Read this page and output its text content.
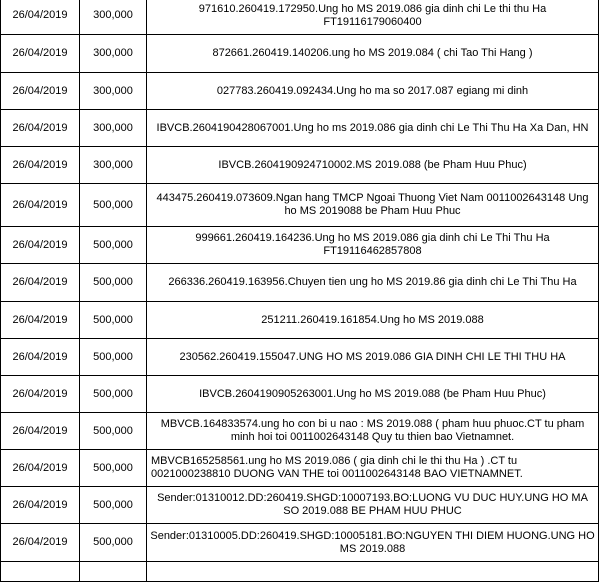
26/04/2019	300,000	971610.260419.172950.Ung ho MS 2019.086 gia dinh chi Le thi thu Ha FT19116179060400
26/04/2019	300,000	872661.260419.140206.ung ho MS 2019.084 ( chi Tao Thi Hang )
26/04/2019	300,000	027783.260419.092434.Ung ho ma so 2017.087 egiang mi dinh
26/04/2019	300,000	IBVCB.2604190428067001.Ung ho ms 2019.086 gia dinh chi Le Thi Thu Ha Xa Dan, HN
26/04/2019	300,000	IBVCB.2604190924710002.MS 2019.088 (be Pham Huu Phuc)
26/04/2019	500,000	443475.260419.073609.Ngan hang TMCP Ngoai Thuong Viet Nam 0011002643148 Ung ho MS 2019088 be Pham Huu Phuc
26/04/2019	500,000	999661.260419.164236.Ung ho MS 2019.086 gia dinh chi Le Thi Thu Ha FT19116462857808
26/04/2019	500,000	266336.260419.163956.Chuyen tien ung ho MS 2019.86 gia dinh chi Le Thi Thu Ha
26/04/2019	500,000	251211.260419.161854.Ung ho MS 2019.088
26/04/2019	500,000	230562.260419.155047.UNG HO MS 2019.086 GIA DINH CHI LE THI THU HA
26/04/2019	500,000	IBVCB.2604190905263001.Ung ho MS 2019.088 (be Pham Huu Phuc)
26/04/2019	500,000	MBVCB.164833574.ung ho con bi u nao : MS 2019.088 ( pham huu phuoc.CT tu pham minh hoi toi 0011002643148 Quy tu thien bao Vietnamnet.
26/04/2019	500,000	MBVCB165258561.ung ho MS 2019.086 ( gia dinh chi le thi thu Ha ) .CT tu 0021000238810 DUONG VAN THE toi 0011002643148 BAO VIETNAMNET.
26/04/2019	500,000	Sender:01310012.DD:260419.SHGD:10007193.BO:LUONG VU DUC HUY.UNG HO MA SO 2019.088 BE PHAM HUU PHUC
26/04/2019	500,000	Sender:01310005.DD:260419.SHGD:10005181.BO:NGUYEN THI DIEM HUONG.UNG HO MS 2019.088
